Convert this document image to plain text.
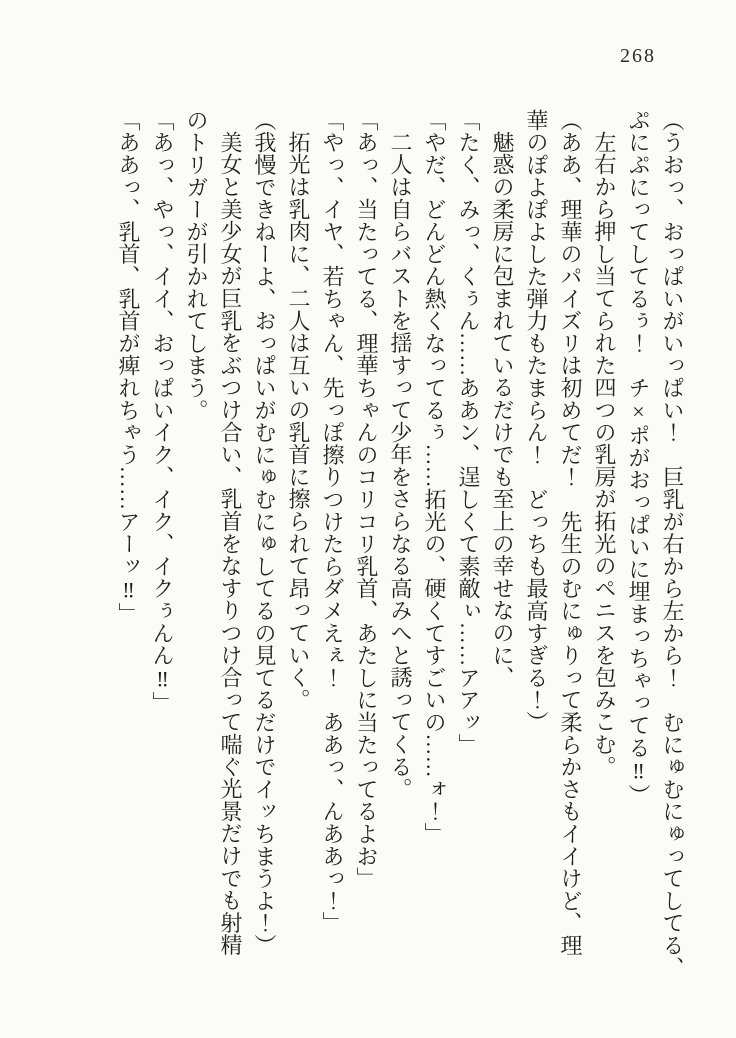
268
（うおっ、おっぱいがいっぱい！　巨乳が右から左から！　むにゅむにゅってしてる、
ぷにぷにってしてるぅ！　チ×ポがおっぱいに埋まっちゃってる‼）
左右から押し当てられた四つの乳房が拓光のペニスを包みこむ。
（ああ、理華のパイズリは初めてだ！　先生のむにゅりって柔らかさもイイけど、理
華のぽよぽよした弾力もたまらん！　どっちも最高すぎる！）
魅惑の柔房に包まれているだけでも至上の幸せなのに、
「たく、みっ、くぅん……ああン、逞しくて素敵ぃ……アアッ」
「やだ、どんどん熱くなってるぅ……拓光の、硬くてすごいの……ォ！」
二人は自らバストを揺すって少年をさらなる高みへと誘ってくる。
「あっ、当たってる、理華ちゃんのコリコリ乳首、あたしに当たってるよお」
「やっ、イヤ、若ちゃん、先っぽ擦りつけたらダメえぇ！　ああっ、んああっ！」
拓光は乳肉に、二人は互いの乳首に擦られて昂っていく。
（我慢できねーよ、おっぱいがむにゅむにゅしてるの見てるだけでイッちまうよ！）
美女と美少女が巨乳をぶつけ合い、乳首をなすりつけ合って喘ぐ光景だけでも射精
のトリガーが引かれてしまう。
「あっ、やっ、イイ、おっぱいイク、イク、イクぅんん‼」
「ああっ、乳首、乳首が痺れちゃう……アーッ‼」
